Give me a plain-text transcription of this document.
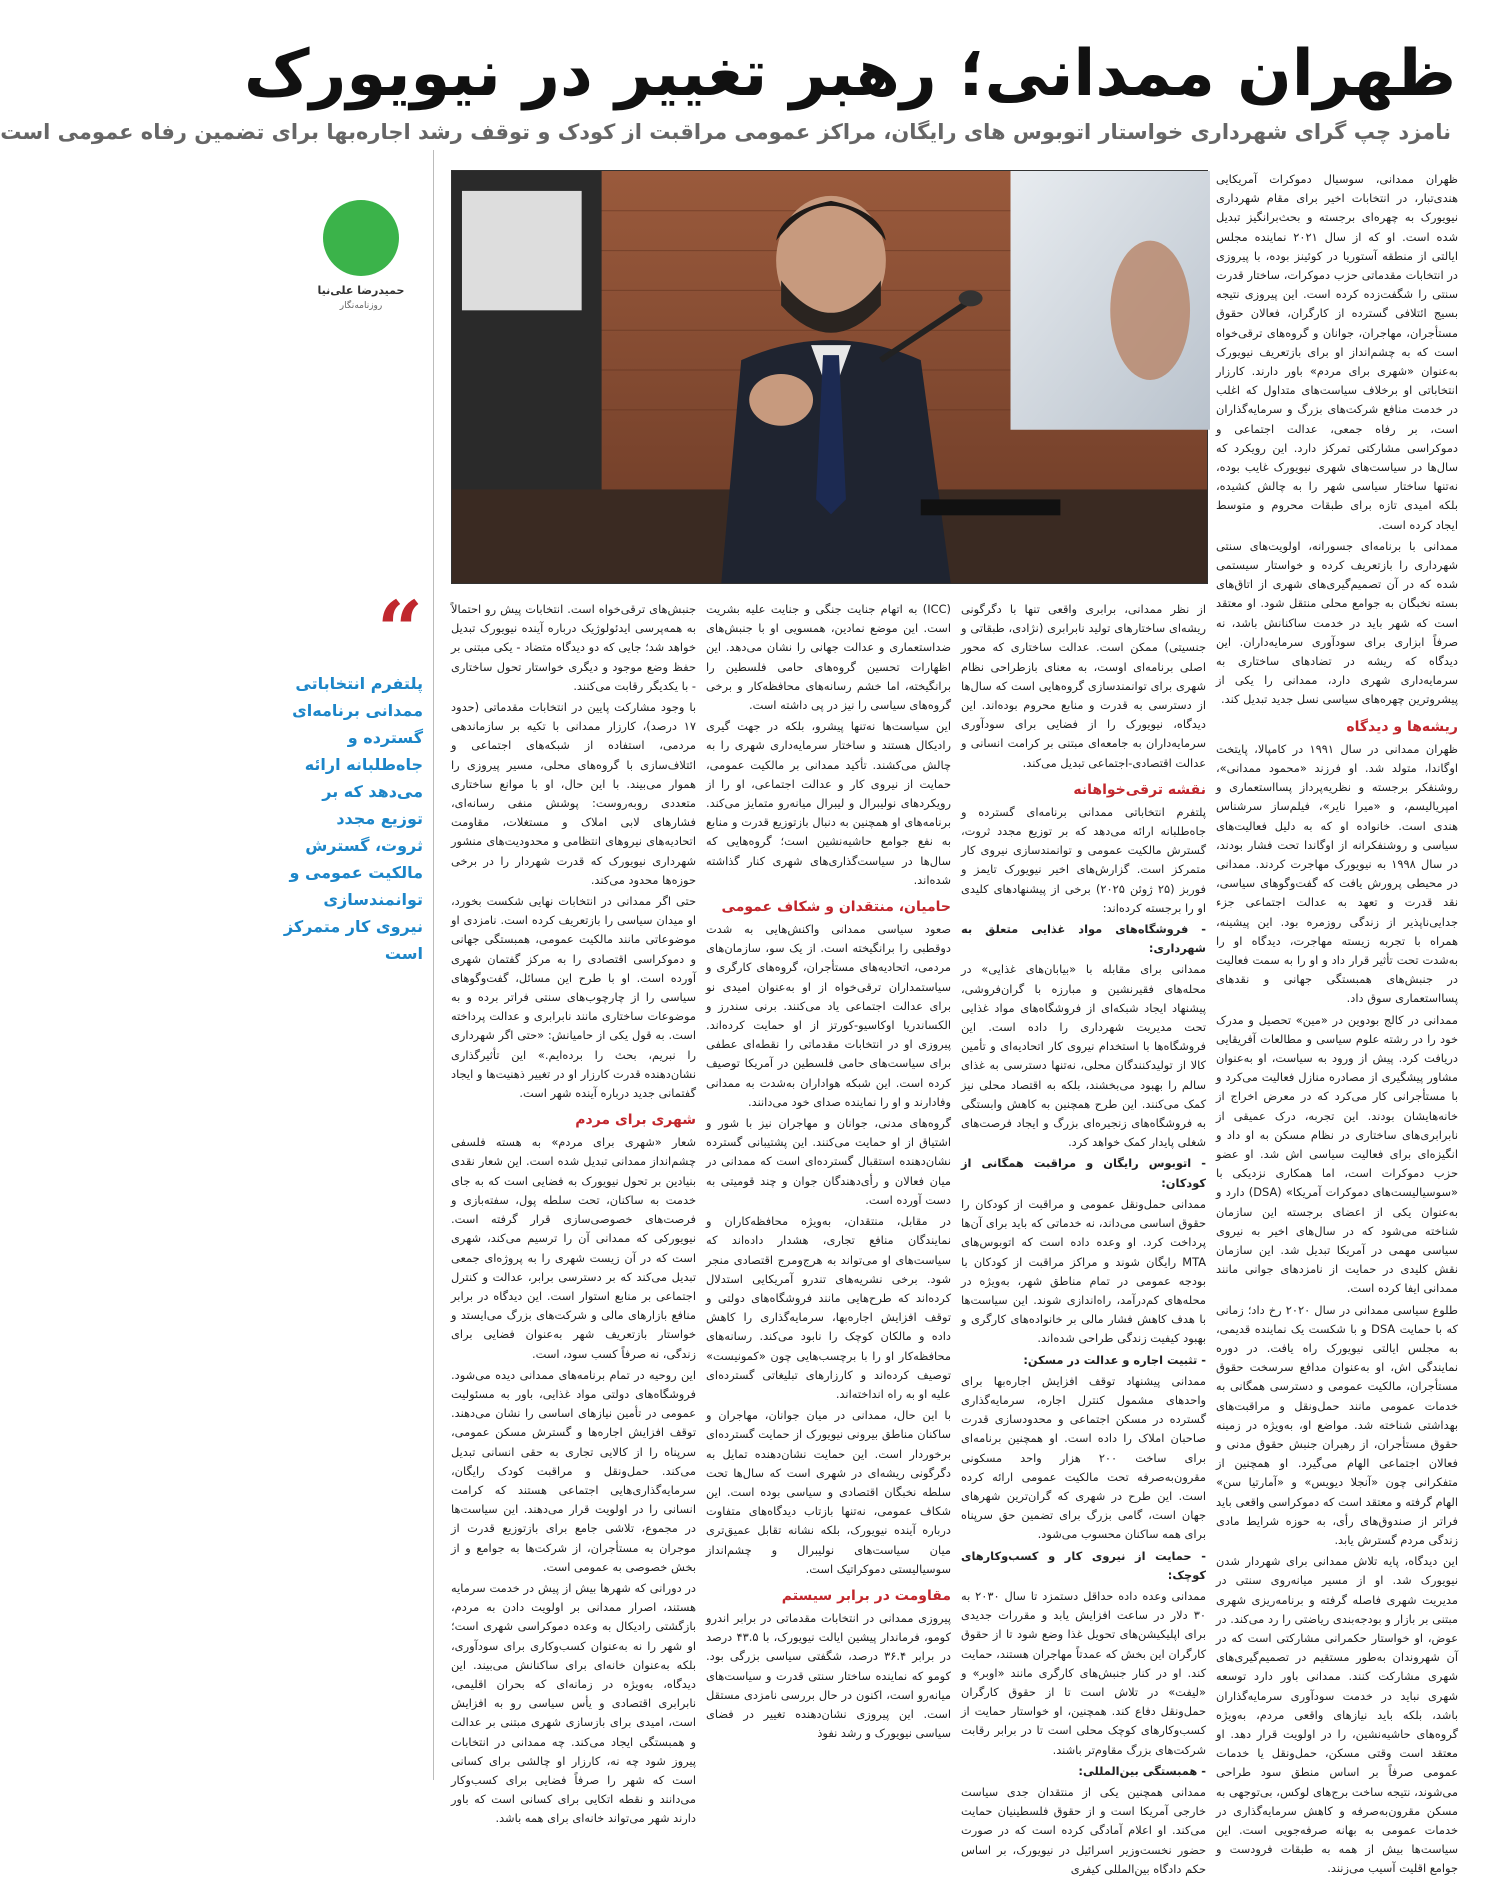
ظهران ممدانی؛ رهبر تغییر در نیویورک
نامزد چپ گرای شهرداری خواستار اتوبوس های رایگان، مراکز عمومی مراقبت از کودک و توقف رشد اجاره‌بها برای تضمین رفاه عمومی است

ظهران ممدانی، سوسیال دموکرات آمریکایی هندی‌تبار، در انتخابات اخیر برای مقام شهرداری نیویورک به چهره‌ای برجسته و بحث‌برانگیز تبدیل شده است. او که از سال ۲۰۲۱ نماینده مجلس ایالتی از منطقه آستوریا در کوئینز بوده، با پیروزی در انتخابات مقدماتی حزب دموکرات، ساختار قدرت سنتی را شگفت‌زده کرده است. این پیروزی نتیجه بسیج ائتلافی گسترده از کارگران، فعالان حقوق مستأجران، مهاجران، جوانان و گروه‌های ترقی‌خواه است که به چشم‌انداز او برای بازتعریف نیویورک به‌عنوان «شهری برای مردم» باور دارند. کارزار انتخاباتی او برخلاف سیاست‌های متداول که اغلب در خدمت منافع شرکت‌های بزرگ و سرمایه‌گذاران است، بر رفاه جمعی، عدالت اجتماعی و دموکراسی مشارکتی تمرکز دارد. این رویکرد که سال‌ها در سیاست‌های شهری نیویورک غایب بوده، نه‌تنها ساختار سیاسی شهر را به چالش کشیده، بلکه امیدی تازه برای طبقات محروم و متوسط ایجاد کرده است.

ممدانی با برنامه‌ای جسورانه، اولویت‌های سنتی شهرداری را بازتعریف کرده و خواستار سیستمی شده که در آن تصمیم‌گیری‌های شهری از اتاق‌های بسته نخبگان به جوامع محلی منتقل شود. او معتقد است که شهر باید در خدمت ساکنانش باشد، نه صرفاً ابزاری برای سودآوری سرمایه‌داران. این دیدگاه که ریشه در تضادهای ساختاری به سرمایه‌داری شهری دارد، ممدانی را یکی از پیشروترین چهره‌های سیاسی نسل جدید تبدیل کند.

ریشه‌ها و دیدگاه

ظهران ممدانی در سال ۱۹۹۱ در کامپالا، پایتخت اوگاندا، متولد شد. او فرزند «محمود ممدانی»، روشنفکر برجسته و نظریه‌پرداز پسااستعماری و امپریالیسم، و «میرا نایر»، فیلم‌ساز سرشناس هندی است. خانواده او که به دلیل فعالیت‌های سیاسی و روشنفکرانه از اوگاندا تحت فشار بودند، در سال ۱۹۹۸ به نیویورک مهاجرت کردند. ممدانی در محیطی پرورش یافت که گفت‌وگوهای سیاسی، نقد قدرت و تعهد به عدالت اجتماعی جزء جدایی‌ناپذیر از زندگی روزمره بود. این پیشینه، همراه با تجربه زیسته مهاجرت، دیدگاه او را به‌شدت تحت تأثیر قرار داد و او را به سمت فعالیت در جنبش‌های همبستگی جهانی و نقدهای پسااستعماری سوق داد.

ممدانی در کالج بودوین در «مین» تحصیل و مدرک خود را در رشته علوم سیاسی و مطالعات آفریقایی دریافت کرد. پیش از ورود به سیاست، او به‌عنوان مشاور پیشگیری از مصادره منازل فعالیت می‌کرد و با مستأجرانی کار می‌کرد که در معرض اخراج از خانه‌هایشان بودند. این تجربه، درک عمیقی از نابرابری‌های ساختاری در نظام مسکن به او داد و انگیزه‌ای برای فعالیت سیاسی اش شد. او عضو حزب دموکرات است، اما همکاری نزدیکی با «سوسیالیست‌های دموکرات آمریکا» (DSA) دارد و به‌عنوان یکی از اعضای برجسته این سازمان شناخته می‌شود که در سال‌های اخیر به نیروی سیاسی مهمی در آمریکا تبدیل شد. این سازمان نقش کلیدی در حمایت از نامزدهای جوانی مانند ممدانی ایفا کرده است.

طلوع سیاسی ممدانی در سال ۲۰۲۰ رخ داد؛ زمانی که با حمایت DSA و با شکست یک نماینده قدیمی، به مجلس ایالتی نیویورک راه یافت. در دوره نمایندگی اش، او به‌عنوان مدافع سرسخت حقوق مستأجران، مالکیت عمومی و دسترسی همگانی به خدمات عمومی مانند حمل‌ونقل و مراقبت‌های بهداشتی شناخته شد. مواضع او، به‌ویژه در زمینه حقوق مستأجران، از رهبران جنبش حقوق مدنی و فعالان اجتماعی الهام می‌گیرد. او همچنین از متفکرانی چون «آنجلا دیویس» و «آمارتیا سن» الهام گرفته و معتقد است که دموکراسی واقعی باید فراتر از صندوق‌های رأی، به حوزه شرایط مادی زندگی مردم گسترش یابد.

این دیدگاه، پایه تلاش ممدانی برای شهردار شدن نیویورک شد. او از مسیر میانه‌روی سنتی در مدیریت شهری فاصله گرفته و برنامه‌ریزی شهری مبتنی بر بازار و بودجه‌بندی ریاضتی را رد می‌کند. در عوض، او خواستار حکمرانی مشارکتی است که در آن شهروندان به‌طور مستقیم در تصمیم‌گیری‌های شهری مشارکت کنند. ممدانی باور دارد توسعه شهری نباید در خدمت سودآوری سرمایه‌گذاران باشد، بلکه باید نیازهای واقعی مردم، به‌ویژه گروه‌های حاشیه‌نشین، را در اولویت قرار دهد. او معتقد است وقتی مسکن، حمل‌ونقل یا خدمات عمومی صرفاً بر اساس منطق سود طراحی می‌شوند، نتیجه ساخت برج‌های لوکس، بی‌توجهی به مسکن مقرون‌به‌صرفه و کاهش سرمایه‌گذاری در خدمات عمومی به بهانه صرفه‌جویی است. این سیاست‌ها بیش از همه به طبقات فرودست و جوامع اقلیت آسیب می‌زنند.

از نظر ممدانی، برابری واقعی تنها با دگرگونی ریشه‌ای ساختارهای تولید نابرابری (نژادی، طبقاتی و جنسیتی) ممکن است. عدالت ساختاری که محور اصلی برنامه‌ای اوست، به معنای بازطراحی نظام شهری برای توانمندسازی گروه‌هایی است که سال‌ها از دسترسی به قدرت و منابع محروم بوده‌اند. این دیدگاه، نیویورک را از فضایی برای سودآوری سرمایه‌داران به جامعه‌ای مبتنی بر کرامت انسانی و عدالت اقتصادی-اجتماعی تبدیل می‌کند.

نقشه ترقی‌خواهانه

پلتفرم انتخاباتی ممدانی برنامه‌ای گسترده و جاه‌طلبانه ارائه می‌دهد که بر توزیع مجدد ثروت، گسترش مالکیت عمومی و توانمندسازی نیروی کار متمرکز است. گزارش‌های اخیر نیویورک تایمز و فوربز (۲۵ ژوئن ۲۰۲۵) برخی از پیشنهادهای کلیدی او را برجسته کرده‌اند:

- فروشگاه‌های مواد غذایی متعلق به شهرداری:

ممدانی برای مقابله با «بیابان‌های غذایی» در محله‌های فقیرنشین و مبارزه با گران‌فروشی، پیشنهاد ایجاد شبکه‌ای از فروشگاه‌های مواد غذایی تحت مدیریت شهرداری را داده است. این فروشگاه‌ها با استخدام نیروی کار اتحادیه‌ای و تأمین کالا از تولیدکنندگان محلی، نه‌تنها دسترسی به غذای سالم را بهبود می‌بخشند، بلکه به اقتصاد محلی نیز کمک می‌کنند. این طرح همچنین به کاهش وابستگی به فروشگاه‌های زنجیره‌ای بزرگ و ایجاد فرصت‌های شغلی پایدار کمک خواهد کرد.

- اتوبوس رایگان و مراقبت همگانی از کودکان:

ممدانی حمل‌ونقل عمومی و مراقبت از کودکان را حقوق اساسی می‌داند، نه خدماتی که باید برای آن‌ها پرداخت کرد. او وعده داده است که اتوبوس‌های MTA رایگان شوند و مراکز مراقبت از کودکان با بودجه عمومی در تمام مناطق شهر، به‌ویژه در محله‌های کم‌درآمد، راه‌اندازی شوند. این سیاست‌ها با هدف کاهش فشار مالی بر خانواده‌های کارگری و بهبود کیفیت زندگی طراحی شده‌اند.

- تثبیت اجاره و عدالت در مسکن:

ممدانی پیشنهاد توقف افزایش اجاره‌بها برای واحدهای مشمول کنترل اجاره، سرمایه‌گذاری گسترده در مسکن اجتماعی و محدودسازی قدرت صاحبان املاک را داده است. او همچنین برنامه‌ای برای ساخت ۲۰۰ هزار واحد مسکونی مقرون‌به‌صرفه تحت مالکیت عمومی ارائه کرده است. این طرح در شهری که گران‌ترین شهرهای جهان است، گامی بزرگ برای تضمین حق سرپناه برای همه ساکنان محسوب می‌شود.

- حمایت از نیروی کار و کسب‌وکارهای کوچک:

ممدانی وعده داده حداقل دستمزد تا سال ۲۰۳۰ به ۳۰ دلار در ساعت افزایش یابد و مقررات جدیدی برای اپلیکیشن‌های تحویل غذا وضع شود تا از حقوق کارگران این بخش که عمدتاً مهاجران هستند، حمایت کند. او در کنار جنبش‌های کارگری مانند «اوبر» و «لیفت» در تلاش است تا از حقوق کارگران حمل‌ونقل دفاع کند. همچنین، او خواستار حمایت از کسب‌وکارهای کوچک محلی است تا در برابر رقابت شرکت‌های بزرگ مقاوم‌تر باشند.

- همبستگی بین‌المللی:

ممدانی همچنین یکی از منتقدان جدی سیاست خارجی آمریکا است و از حقوق فلسطینیان حمایت می‌کند. او اعلام آمادگی کرده است که در صورت حضور نخست‌وزیر اسرائیل در نیویورک، بر اساس حکم دادگاه بین‌المللی کیفری

(ICC) به اتهام جنایت جنگی و جنایت علیه بشریت است. این موضع نمادین، همسویی او با جنبش‌های ضداستعماری و عدالت جهانی را نشان می‌دهد. این اظهارات تحسین گروه‌های حامی فلسطین را برانگیخته، اما خشم رسانه‌های محافظه‌کار و برخی گروه‌های سیاسی را نیز در پی داشته است.

این سیاست‌ها نه‌تنها پیشرو، بلکه در جهت گیری رادیکال هستند و ساختار سرمایه‌داری شهری را به چالش می‌کشند. تأکید ممدانی بر مالکیت عمومی، حمایت از نیروی کار و عدالت اجتماعی، او را از رویکردهای نولیبرال و لیبرال میانه‌رو متمایز می‌کند. برنامه‌های او همچنین به دنبال بازتوزیع قدرت و منابع به نفع جوامع حاشیه‌نشین است؛ گروه‌هایی که سال‌ها در سیاست‌گذاری‌های شهری کنار گذاشته شده‌اند.

حامیان، منتقدان و شکاف عمومی

صعود سیاسی ممدانی واکنش‌هایی به شدت دوقطبی را برانگیخته است. از یک سو، سازمان‌های مردمی، اتحادیه‌های مستأجران، گروه‌های کارگری و سیاستمداران ترقی‌خواه از او به‌عنوان امیدی نو برای عدالت اجتماعی یاد می‌کنند. برنی سندرز و الکساندریا اوکاسیو-کورتز از او حمایت کرده‌اند. پیروزی او در انتخابات مقدماتی را نقطه‌ای عطفی برای سیاست‌های حامی فلسطین در آمریکا توصیف کرده است. این شبکه هواداران به‌شدت به ممدانی وفادارند و او را نماینده صدای خود می‌دانند.

گروه‌های مدنی، جوانان و مهاجران نیز با شور و اشتیاق از او حمایت می‌کنند. این پشتیبانی گسترده نشان‌دهنده استقبال گسترده‌ای است که ممدانی در میان فعالان و رأی‌دهندگان جوان و چند قومیتی به دست آورده است.

در مقابل، منتقدان، به‌ویژه محافظه‌کاران و نمایندگان منافع تجاری، هشدار داده‌اند که سیاست‌های او می‌تواند به هرج‌ومرج اقتصادی منجر شود. برخی نشریه‌های تندرو آمریکایی استدلال کرده‌اند که طرح‌هایی مانند فروشگاه‌های دولتی و توقف افزایش اجاره‌بها، سرمایه‌گذاری را کاهش داده و مالکان کوچک را نابود می‌کند. رسانه‌های محافظه‌کار او را با برچسب‌هایی چون «کمونیست» توصیف کرده‌اند و کارزارهای تبلیغاتی گسترده‌ای علیه او به راه انداخته‌اند.

با این حال، ممدانی در میان جوانان، مهاجران و ساکنان مناطق بیرونی نیویورک از حمایت گسترده‌ای برخوردار است. این حمایت نشان‌دهنده تمایل به دگرگونی ریشه‌ای در شهری است که سال‌ها تحت سلطه نخبگان اقتصادی و سیاسی بوده است. این شکاف عمومی، نه‌تنها بازتاب دیدگاه‌های متفاوت درباره آینده نیویورک، بلکه نشانه تقابل عمیق‌تری میان سیاست‌های نولیبرال و چشم‌انداز سوسیالیستی دموکراتیک است.

مقاومت در برابر سیستم

پیروزی ممدانی در انتخابات مقدماتی در برابر اندرو کومو، فرماندار پیشین ایالت نیویورک، با ۴۳.۵ درصد در برابر ۳۶.۴ درصد، شگفتی سیاسی بزرگی بود. کومو که نماینده ساختار سنتی قدرت و سیاست‌های میانه‌رو است، اکنون در حال بررسی نامزدی مستقل است. این پیروزی نشان‌دهنده تغییر در فضای سیاسی نیویورک و رشد نفوذ

جنبش‌های ترقی‌خواه است. انتخابات پیش رو احتمالاً به همه‌پرسی ایدئولوژیک درباره آینده نیویورک تبدیل خواهد شد؛ جایی که دو دیدگاه متضاد - یکی مبتنی بر حفظ وضع موجود و دیگری خواستار تحول ساختاری - با یکدیگر رقابت می‌کنند.

با وجود مشارکت پایین در انتخابات مقدماتی (حدود ۱۷ درصد)، کارزار ممدانی با تکیه بر سازماندهی مردمی، استفاده از شبکه‌های اجتماعی و ائتلاف‌سازی با گروه‌های محلی، مسیر پیروزی را هموار می‌بیند. با این حال، او با موانع ساختاری متعددی روبه‌روست: پوشش منفی رسانه‌ای، فشارهای لابی املاک و مستغلات، مقاومت اتحادیه‌های نیروهای انتظامی و محدودیت‌های منشور شهرداری نیویورک که قدرت شهردار را در برخی حوزه‌ها محدود می‌کند.

حتی اگر ممدانی در انتخابات نهایی شکست بخورد، او میدان سیاسی را بازتعریف کرده است. نامزدی او موضوعاتی مانند مالکیت عمومی، همبستگی جهانی و دموکراسی اقتصادی را به مرکز گفتمان شهری آورده است. او با طرح این مسائل، گفت‌وگوهای سیاسی را از چارچوب‌های سنتی فراتر برده و به موضوعات ساختاری مانند نابرابری و عدالت پرداخته است. به قول یکی از حامیانش: «حتی اگر شهرداری را نبریم، بحث را برده‌ایم.» این تأثیرگذاری نشان‌دهنده قدرت کارزار او در تغییر ذهنیت‌ها و ایجاد گفتمانی جدید درباره آینده شهر است.

شهری برای مردم

شعار «شهری برای مردم» به هسته فلسفی چشم‌انداز ممدانی تبدیل شده است. این شعار نقدی بنیادین بر تحول نیویورک به فضایی است که به جای خدمت به ساکنان، تحت سلطه پول، سفته‌بازی و فرصت‌های خصوصی‌سازی قرار گرفته است. نیویورکی که ممدانی آن را ترسیم می‌کند، شهری است که در آن زیست شهری را به پروژه‌ای جمعی تبدیل می‌کند که بر دسترسی برابر، عدالت و کنترل اجتماعی بر منابع استوار است. این دیدگاه در برابر منافع بازارهای مالی و شرکت‌های بزرگ می‌ایستد و خواستار بازتعریف شهر به‌عنوان فضایی برای زندگی، نه صرفاً کسب سود، است.

این روحیه در تمام برنامه‌های ممدانی دیده می‌شود. فروشگاه‌های دولتی مواد غذایی، باور به مسئولیت عمومی در تأمین نیازهای اساسی را نشان می‌دهند. توقف افزایش اجاره‌ها و گسترش مسکن عمومی، سرپناه را از کالایی تجاری به حقی انسانی تبدیل می‌کند. حمل‌ونقل و مراقبت کودک رایگان، سرمایه‌گذاری‌هایی اجتماعی هستند که کرامت انسانی را در اولویت قرار می‌دهند. این سیاست‌ها در مجموع، تلاشی جامع برای بازتوزیع قدرت از موجران به مستأجران، از شرکت‌ها به جوامع و از بخش خصوصی به عمومی است.

در دورانی که شهرها بیش از پیش در خدمت سرمایه هستند، اصرار ممدانی بر اولویت دادن به مردم، بازگشتی رادیکال به وعده دموکراسی شهری است؛ او شهر را نه به‌عنوان کسب‌وکاری برای سودآوری، بلکه به‌عنوان خانه‌ای برای ساکنانش می‌بیند. این دیدگاه، به‌ویژه در زمانه‌ای که بحران اقلیمی، نابرابری اقتصادی و یأس سیاسی رو به افزایش است، امیدی برای بازسازی شهری مبتنی بر عدالت و همبستگی ایجاد می‌کند. چه ممدانی در انتخابات پیروز شود چه نه، کارزار او چالشی برای کسانی است که شهر را صرفاً فضایی برای کسب‌وکار می‌دانند و نقطه اتکایی برای کسانی است که باور دارند شهر می‌تواند خانه‌ای برای همه باشد.

حمیدرضا علی‌نیا
روزنامه‌نگار
“
پلتفرم انتخاباتی ممدانی برنامه‌ای گسترده و جاه‌طلبانه ارائه می‌دهد که بر توزیع مجدد ثروت، گسترش مالکیت عمومی و توانمندسازی نیروی کار متمرکز است
